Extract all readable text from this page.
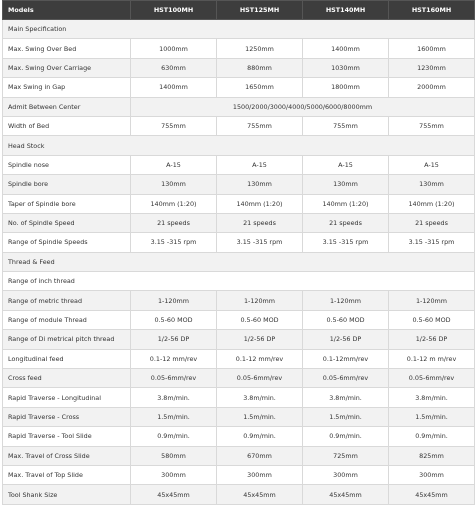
Models	HST100MH	HST125MH	HST140MH	HST160MH
Main Specification				
Max. Swing Over Bed	1000mm	1250mm	1400mm	1600mm
Max. Swing Over Carriage	630mm	880mm	1030mm	1230mm
Max Swing in Gap	1400mm	1650mm	1800mm	2000mm
Admit Between Center	1500/2000/3000/4000/5000/6000/8000mm			
Width of Bed	755mm	755mm	755mm	755mm
Head Stock				
Spindle nose	A-15	A-15	A-15	A-15
Spindle bore	130mm	130mm	130mm	130mm
Taper of Spindle bore	140mm (1:20)	140mm (1:20)	140mm (1:20)	140mm (1:20)
No. of Spindle Speed	21 speeds	21 speeds	21 speeds	21 speeds
Range of Spindle Speeds	3.15 -315 rpm	3.15 -315 rpm	3.15 -315 rpm	3.15 -315 rpm
Thread & Feed				
Range of inch thread				
Range of metric thread	1-120mm	1-120mm	1-120mm	1-120mm
Range of module Thread	0.5-60 MOD	0.5-60 MOD	0.5-60 MOD	0.5-60 MOD
Range of Di metrical pitch thread	1/2-56 DP	1/2-56 DP	1/2-56 DP	1/2-56 DP
Longitudinal feed	0.1-12 mm/rev	0.1-12 mm/rev	0.1-12mm/rev	0.1-12 m m/rev
Cross feed	0.05-6mm/rev	0.05-6mm/rev	0.05-6mm/rev	0.05-6mm/rev
Rapid Traverse - Longitudinal	3.8m/min.	3.8m/min.	3.8m/min.	3.8m/min.
Rapid Traverse - Cross	1.5m/min.	1.5m/min.	1.5m/min.	1.5m/min.
Rapid Traverse - Tool Slide	0.9m/min.	0.9m/min.	0.9m/min.	0.9m/min.
Max. Travel of Cross Slide	580mm	670mm	725mm	825mm
Max. Travel of Top Slide	300mm	300mm	300mm	300mm
Tool Shank Size	45x45mm	45x45mm	45x45mm	45x45mm
